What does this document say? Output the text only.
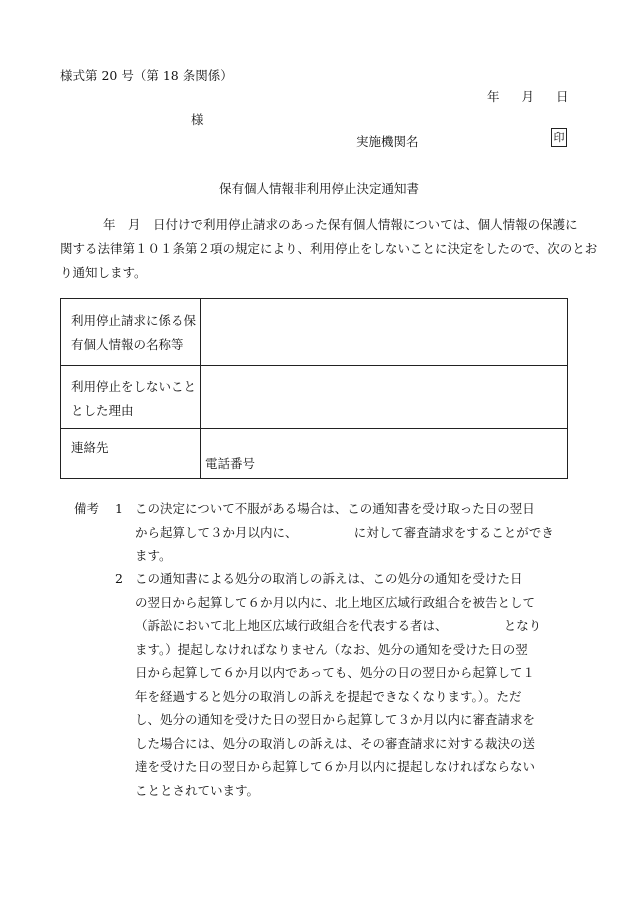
様式第 20 号（第 18 条関係）
年 月 日
様
実施機関名	印
保有個人情報非利用停止決定通知書
年　月　日付けで利用停止請求のあった保有個人情報については、個人情報の保護に
関する法律第１０１条第２項の規定により、利用停止をしないことに決定をしたので、次のとお
り通知します。
利用停止請求に係る保
有個人情報の名称等
利用停止をしないこと
とした理由
連絡先
電話番号
備考 1 この決定について不服がある場合は、この通知書を受け取った日の翌日
から起算して３か月以内に、　　　　　に対して審査請求をすることができ
ます。
2 この通知書による処分の取消しの訴えは、この処分の通知を受けた日
の翌日から起算して６か月以内に、北上地区広域行政組合を被告として
（訴訟において北上地区広域行政組合を代表する者は、　　　　　となり
ます。）提起しなければなりません（なお、処分の通知を受けた日の翌
日から起算して６か月以内であっても、処分の日の翌日から起算して１
年を経過すると処分の取消しの訴えを提起できなくなります。）。ただ
し、処分の通知を受けた日の翌日から起算して３か月以内に審査請求を
した場合には、処分の取消しの訴えは、その審査請求に対する裁決の送
達を受けた日の翌日から起算して６か月以内に提起しなければならない
こととされています。
